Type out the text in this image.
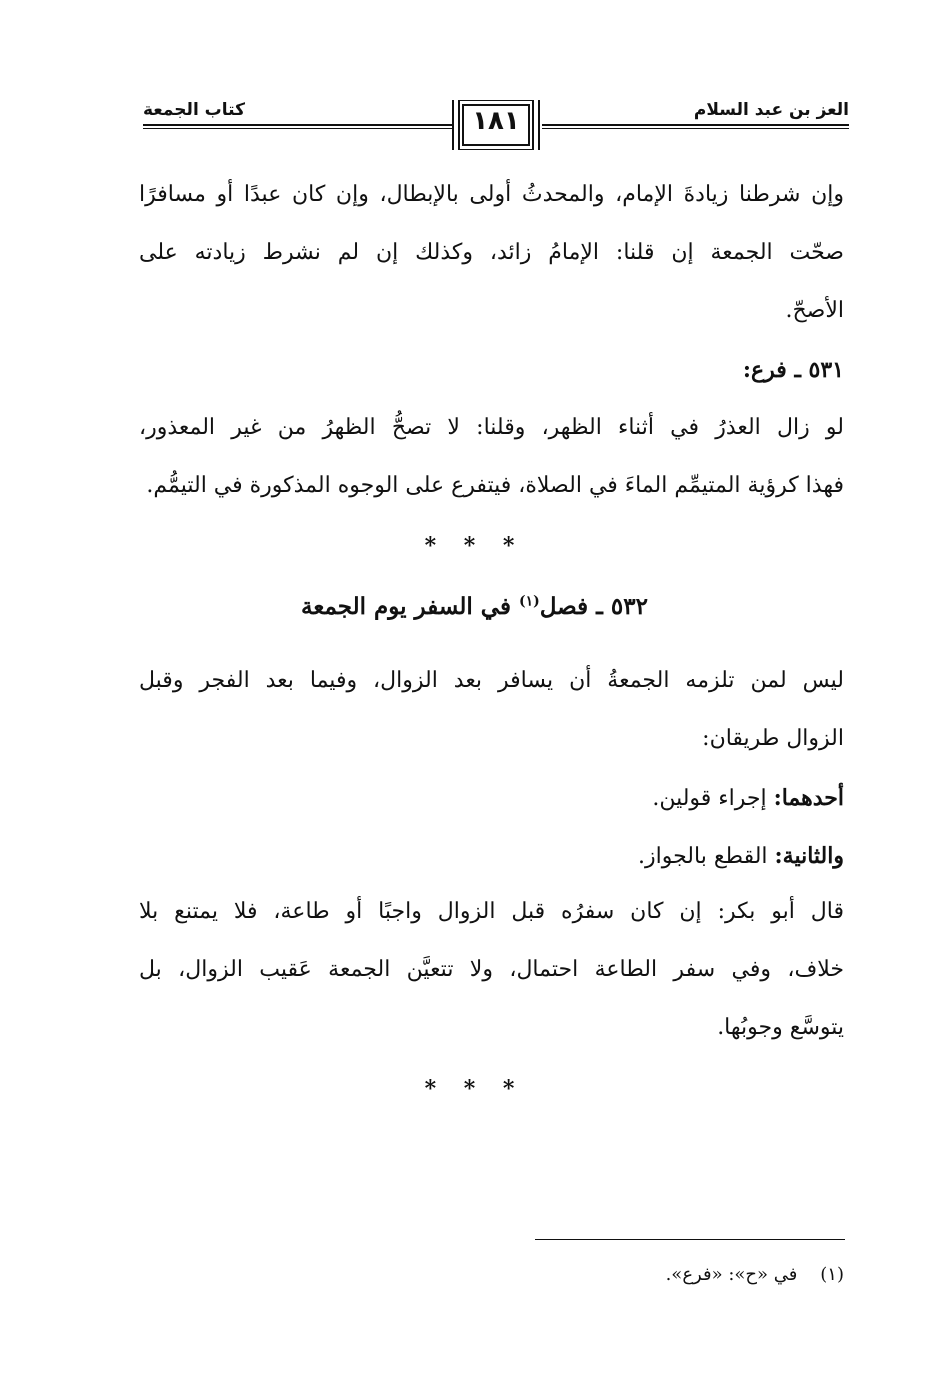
العز بن عبد السلام
كتاب الجمعة	١٨١
وإن شرطنا زيادةَ الإمام، والمحدثُ أولى بالإبطال، وإن كان عبدًا أو مسافرًا
صحّت الجمعة إن قلنا: الإمامُ زائد، وكذلك إن لم نشرط زيادته على
الأصحّ.
٥٣١ ـ فرع:
لو زال العذرُ في أثناء الظهر، وقلنا: لا تصحُّ الظهرُ من غير المعذور،
فهذا كرؤية المتيمِّم الماءَ في الصلاة، فيتفرع على الوجوه المذكورة في التيمُّم.
* * *
٥٣٢ ـ فصل$^{(١)}$ في السفر يوم الجمعة
ليس لمن تلزمه الجمعةُ أن يسافر بعد الزوال، وفيما بعد الفجر وقبل
الزوال طريقان:
أحدهما: إجراء قولين.
والثانية: القطع بالجواز.
قال أبو بكر: إن كان سفرُه قبل الزوال واجبًا أو طاعة، فلا يمتنع بلا
خلاف، وفي سفر الطاعة احتمال، ولا تتعيَّن الجمعة عَقيب الزوال، بل
يتوسَّع وجوبُها.
* * *
(١)    في «ح»: «فرع».
